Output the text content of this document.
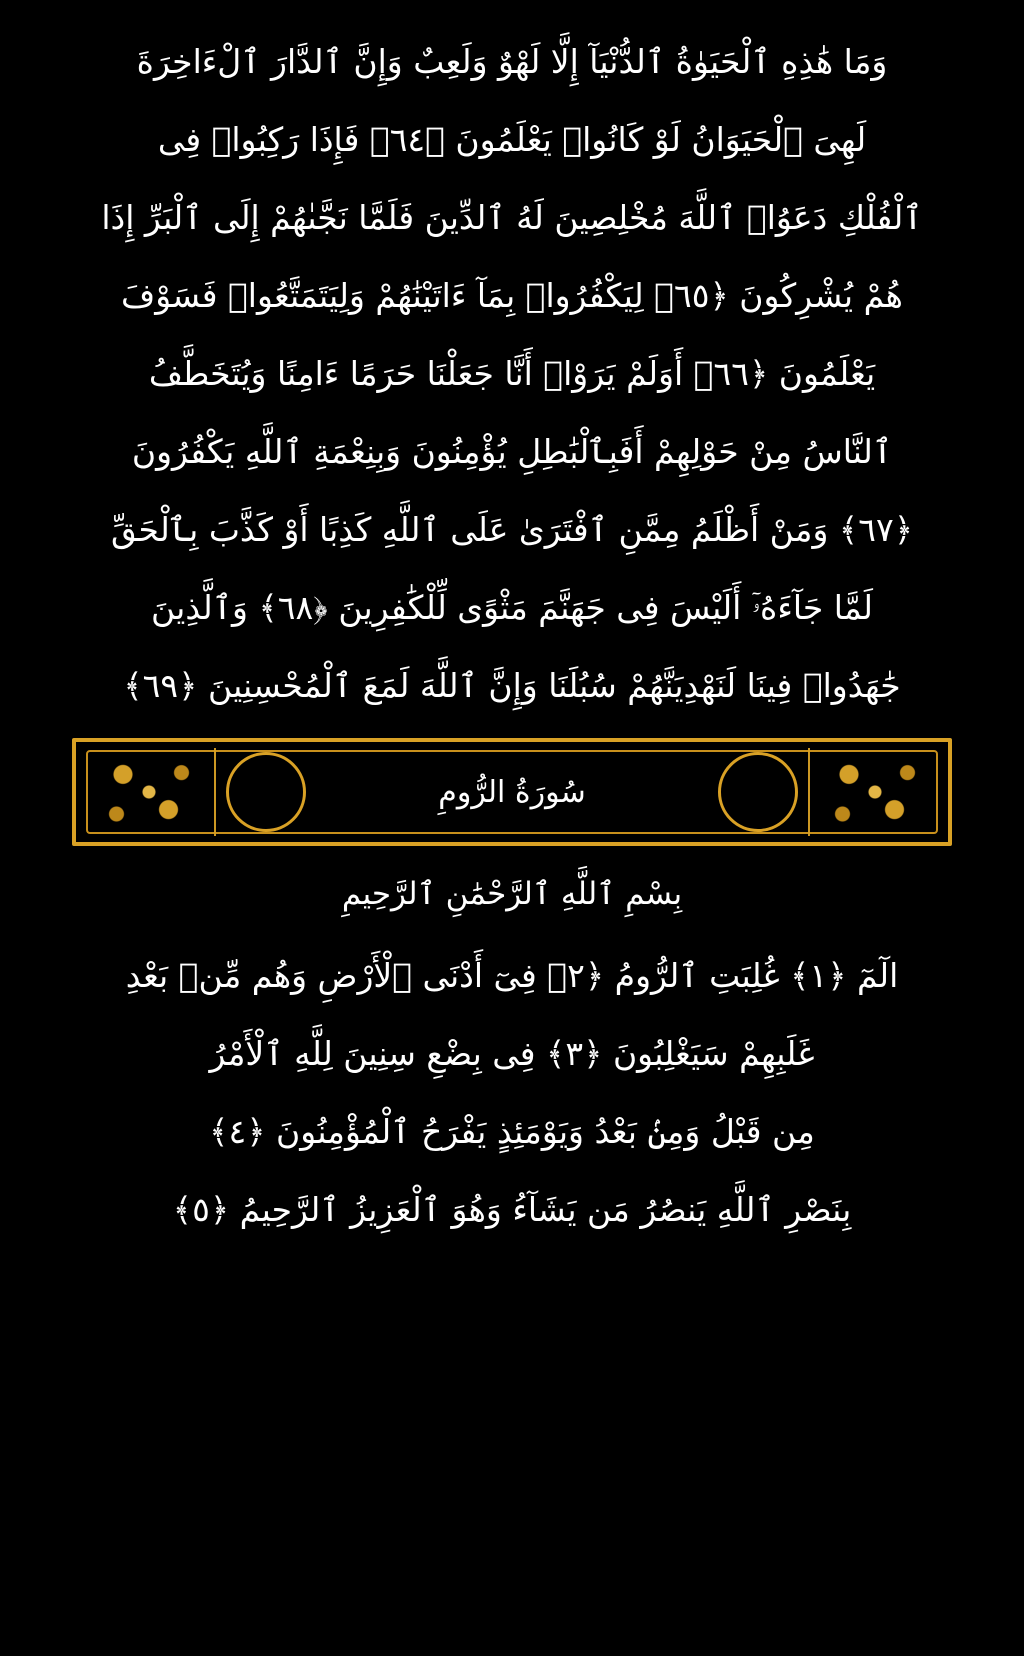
وَمَا هَٰذِهِ ٱلْحَيَوٰةُ ٱلدُّنْيَآ إِلَّا لَهْوٌ وَلَعِبٌ وَإِنَّ ٱلدَّارَ ٱلْءَاخِرَةَ
لَهِىَ ٱلْحَيَوَانُ لَوْ كَانُوا۟ يَعْلَمُونَ ﴿٦٤﴾ فَإِذَا رَكِبُوا۟ فِى
ٱلْفُلْكِ دَعَوُا۟ ٱللَّهَ مُخْلِصِينَ لَهُ ٱلدِّينَ فَلَمَّا نَجَّىٰهُمْ إِلَى ٱلْبَرِّ إِذَا
هُمْ يُشْرِكُونَ ﴿٦٥﴾ لِيَكْفُرُوا۟ بِمَآ ءَاتَيْنَٰهُمْ وَلِيَتَمَتَّعُوا۟ فَسَوْفَ
يَعْلَمُونَ ﴿٦٦﴾ أَوَلَمْ يَرَوْا۟ أَنَّا جَعَلْنَا حَرَمًا ءَامِنًا وَيُتَخَطَّفُ
ٱلنَّاسُ مِنْ حَوْلِهِمْ أَفَبِٱلْبَٰطِلِ يُؤْمِنُونَ وَبِنِعْمَةِ ٱللَّهِ يَكْفُرُونَ
﴿٦٧﴾ وَمَنْ أَظْلَمُ مِمَّنِ ٱفْتَرَىٰ عَلَى ٱللَّهِ كَذِبًا أَوْ كَذَّبَ بِٱلْحَقِّ
لَمَّا جَآءَهُۥٓ أَلَيْسَ فِى جَهَنَّمَ مَثْوًى لِّلْكَٰفِرِينَ ﴿٦٨﴾ وَٱلَّذِينَ
جَٰهَدُوا۟ فِينَا لَنَهْدِيَنَّهُمْ سُبُلَنَا وَإِنَّ ٱللَّهَ لَمَعَ ٱلْمُحْسِنِينَ ﴿٦٩﴾
سُورَةُ الرُّومِ
بِسْمِ ٱللَّهِ ٱلرَّحْمَٰنِ ٱلرَّحِيمِ
الٓمٓ ﴿١﴾ غُلِبَتِ ٱلرُّومُ ﴿٢﴾ فِىٓ أَدْنَى ٱلْأَرْضِ وَهُم مِّنۢ بَعْدِ
غَلَبِهِمْ سَيَغْلِبُونَ ﴿٣﴾ فِى بِضْعِ سِنِينَ لِلَّهِ ٱلْأَمْرُ
مِن قَبْلُ وَمِنۢ بَعْدُ وَيَوْمَئِذٍ يَفْرَحُ ٱلْمُؤْمِنُونَ ﴿٤﴾
بِنَصْرِ ٱللَّهِ يَنصُرُ مَن يَشَآءُ وَهُوَ ٱلْعَزِيزُ ٱلرَّحِيمُ ﴿٥﴾
